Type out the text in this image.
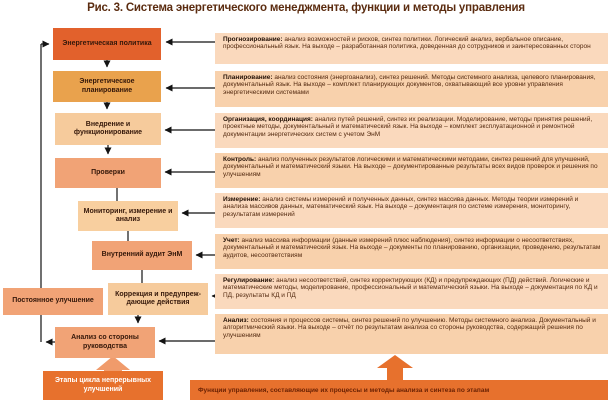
Рис. 3. Система энергетического менеджмента, функции и методы управления
Энергетическая политика
Энергетическое планирование
Внедрение и функционирование
Проверки
Мониторинг, измерение и анализ
Внутренний аудит ЭнМ
Постоянное улучшение
Коррекция и предупреждающие действия
Анализ со стороны руководства
Этапы цикла непрерывных улучшений
Прогнозирование: анализ возможностей и рисков, синтез политики. Логический анализ, вербальное описание, профессиональный язык. На выходе – разработанная политика, доведенная до сотрудников и заинтересованных сторон
Планирование: анализ состояния (энергоанализ), синтез решений. Методы системного анализа, целевого планирования, документальный язык. На выходе – комплект планирующих документов, охватывающий все уровни управления энергетическими системами
Организация, координация: анализ путей решений, синтез их реализации. Моделирование, методы принятия решений, проектные методы, документальный и математический язык. На выходе – комплект эксплуатационной и ремонтной документации энергетических систем с учетом ЭнМ
Контроль: анализ полученных результатов логическими и математическими методами, синтез решений для улучшений, документальный и математический языки. На выходе – документированные результаты всех видов проверок и решения по улучшениям
Измерение: анализ системы измерений и полученных данных, синтез массива данных. Методы теории измерений и анализа массивов данных, математический язык. На выходе – документация по системе измерения, мониторингу, результатам измерений
Учет: анализ массива информации (данные измерений плюс наблюдения), синтез информации о несоответствиях, документальный и математический язык. На выходе – документы по планированию, организации, проведению, результатам аудитов, несоответствиям
Регулирование: анализ несоответствий, синтез корректирующих (КД) и предупреждающих (ПД) действий. Логические и математические методы, моделирование, профессиональный и математический языки. На выходе – документация по КД и ПД, результаты КД и ПД
Анализ: состояния и процессов системы, синтез решений по улучшению. Методы системного анализа. Документальный и алгоритмический языки. На выходе – отчёт по результатам анализа со стороны руководства, содержащий решения по улучшениям
Функции управления, составляющие их процессы и методы анализа и синтеза по этапам
